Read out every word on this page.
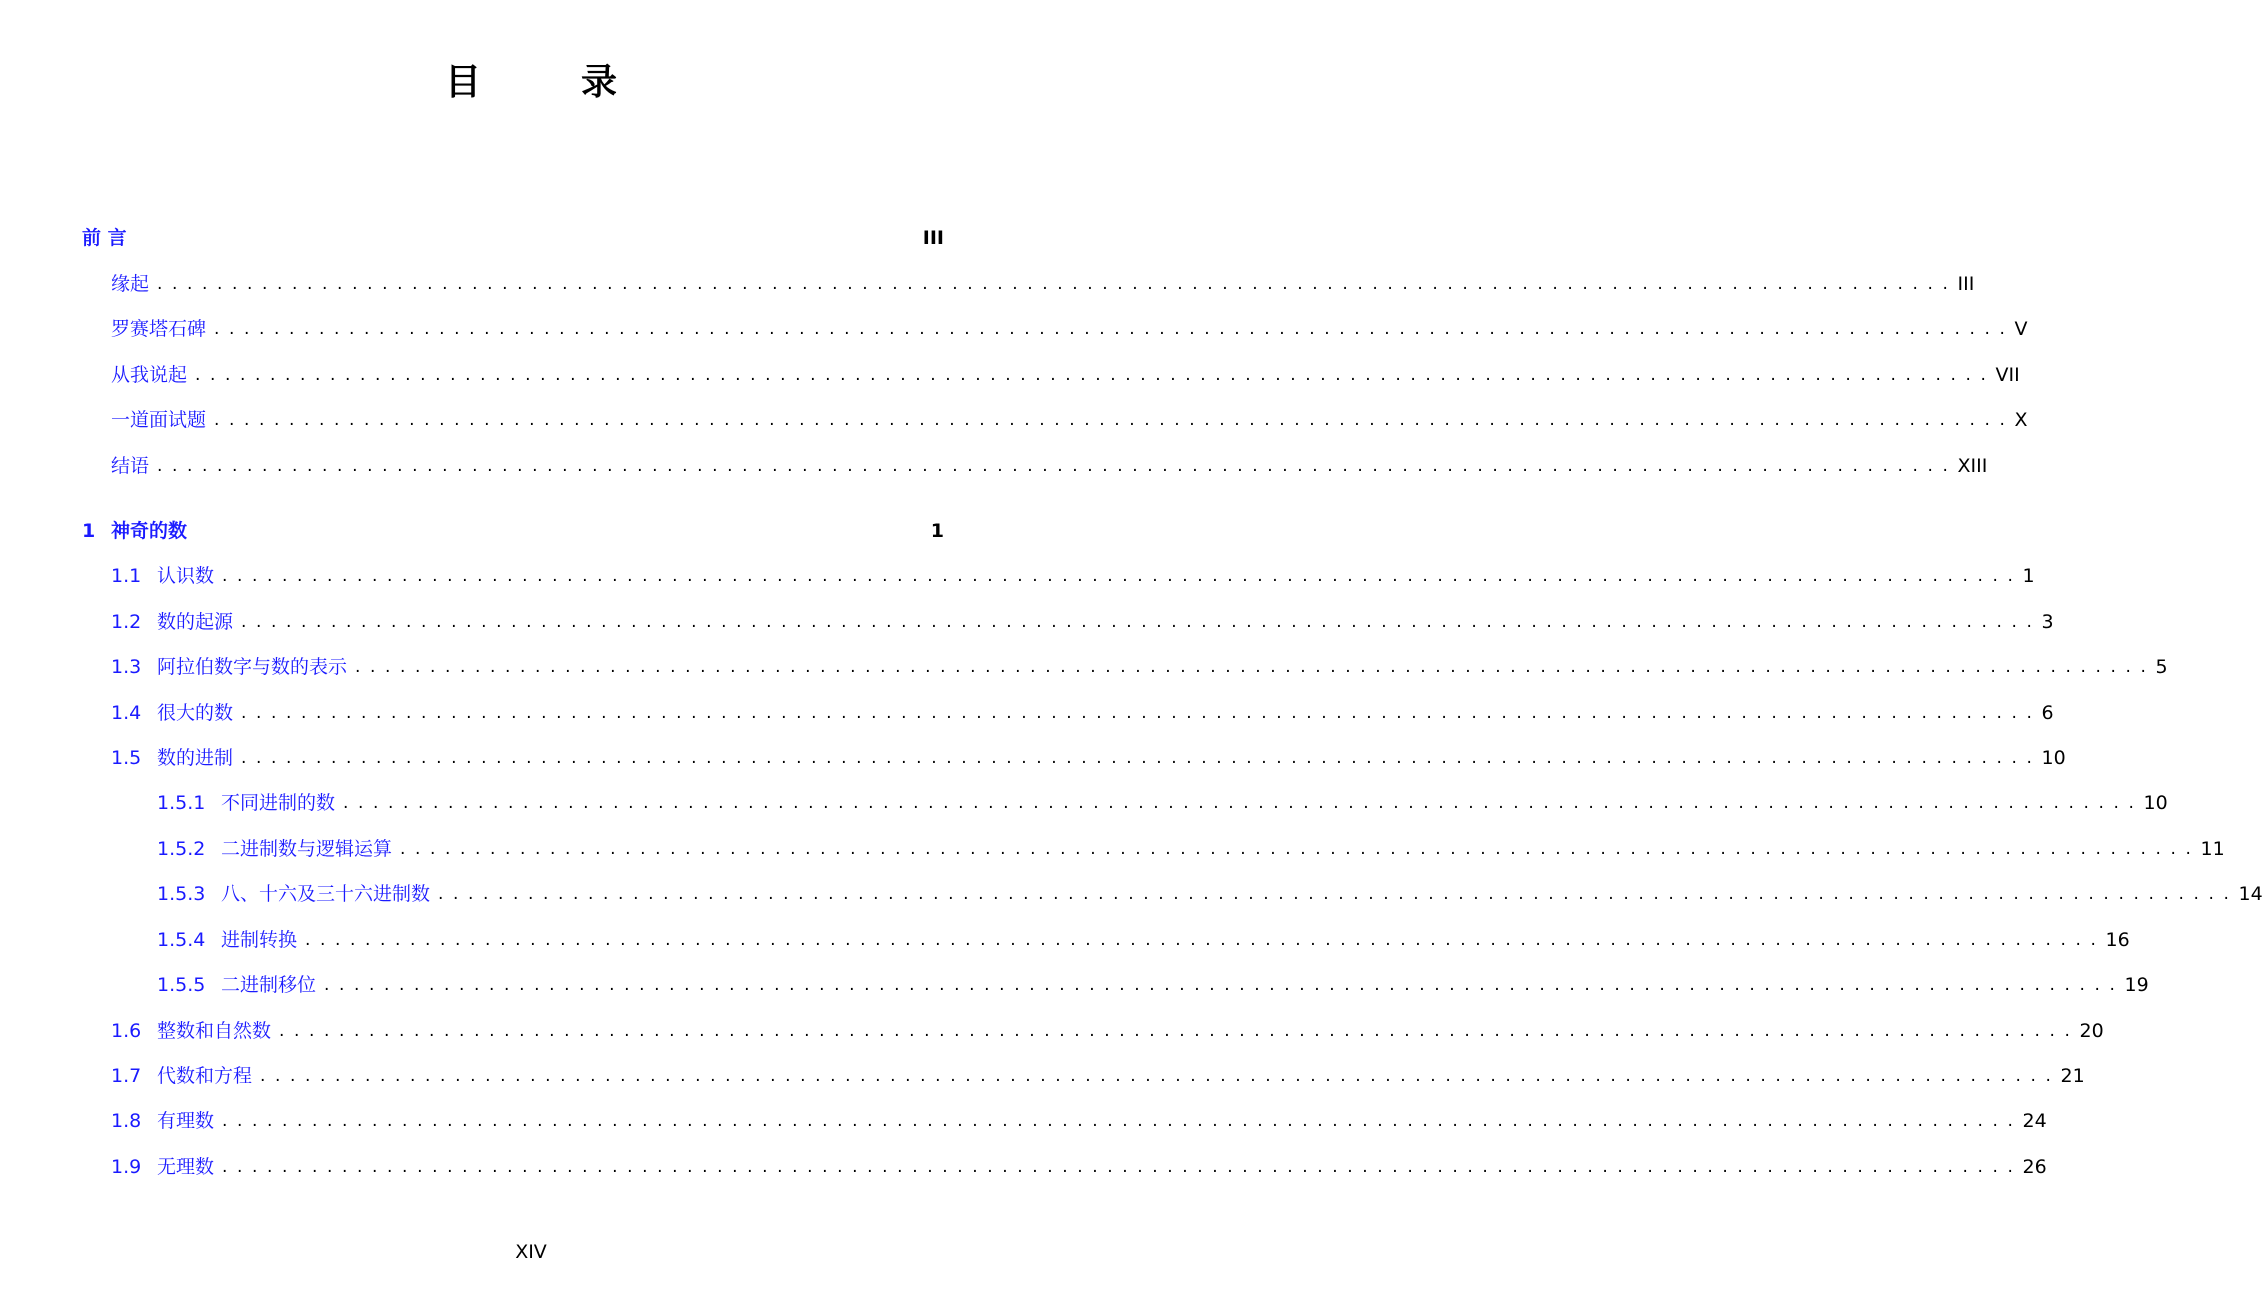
目　录
前 言	III
缘起 ........................................................................................................................ III
罗赛塔石碑 ........................................................................................................................ V
从我说起 ........................................................................................................................ VII
一道面试题 ........................................................................................................................ X
结语 ........................................................................................................................ XIII
1 神奇的数	1
1.1 认识数 ........................................................................................................................ 1
1.2 数的起源 ........................................................................................................................ 3
1.3 阿拉伯数字与数的表示 ........................................................................................................................ 5
1.4 很大的数 ........................................................................................................................ 6
1.5 数的进制 ........................................................................................................................ 10
1.5.1 不同进制的数 ........................................................................................................................ 10
1.5.2 二进制数与逻辑运算 ........................................................................................................................ 11
1.5.3 八、十六及三十六进制数 ........................................................................................................................ 14
1.5.4 进制转换 ........................................................................................................................ 16
1.5.5 二进制移位 ........................................................................................................................ 19
1.6 整数和自然数 ........................................................................................................................ 20
1.7 代数和方程 ........................................................................................................................ 21
1.8 有理数 ........................................................................................................................ 24
1.9 无理数 ........................................................................................................................ 26
XIV
